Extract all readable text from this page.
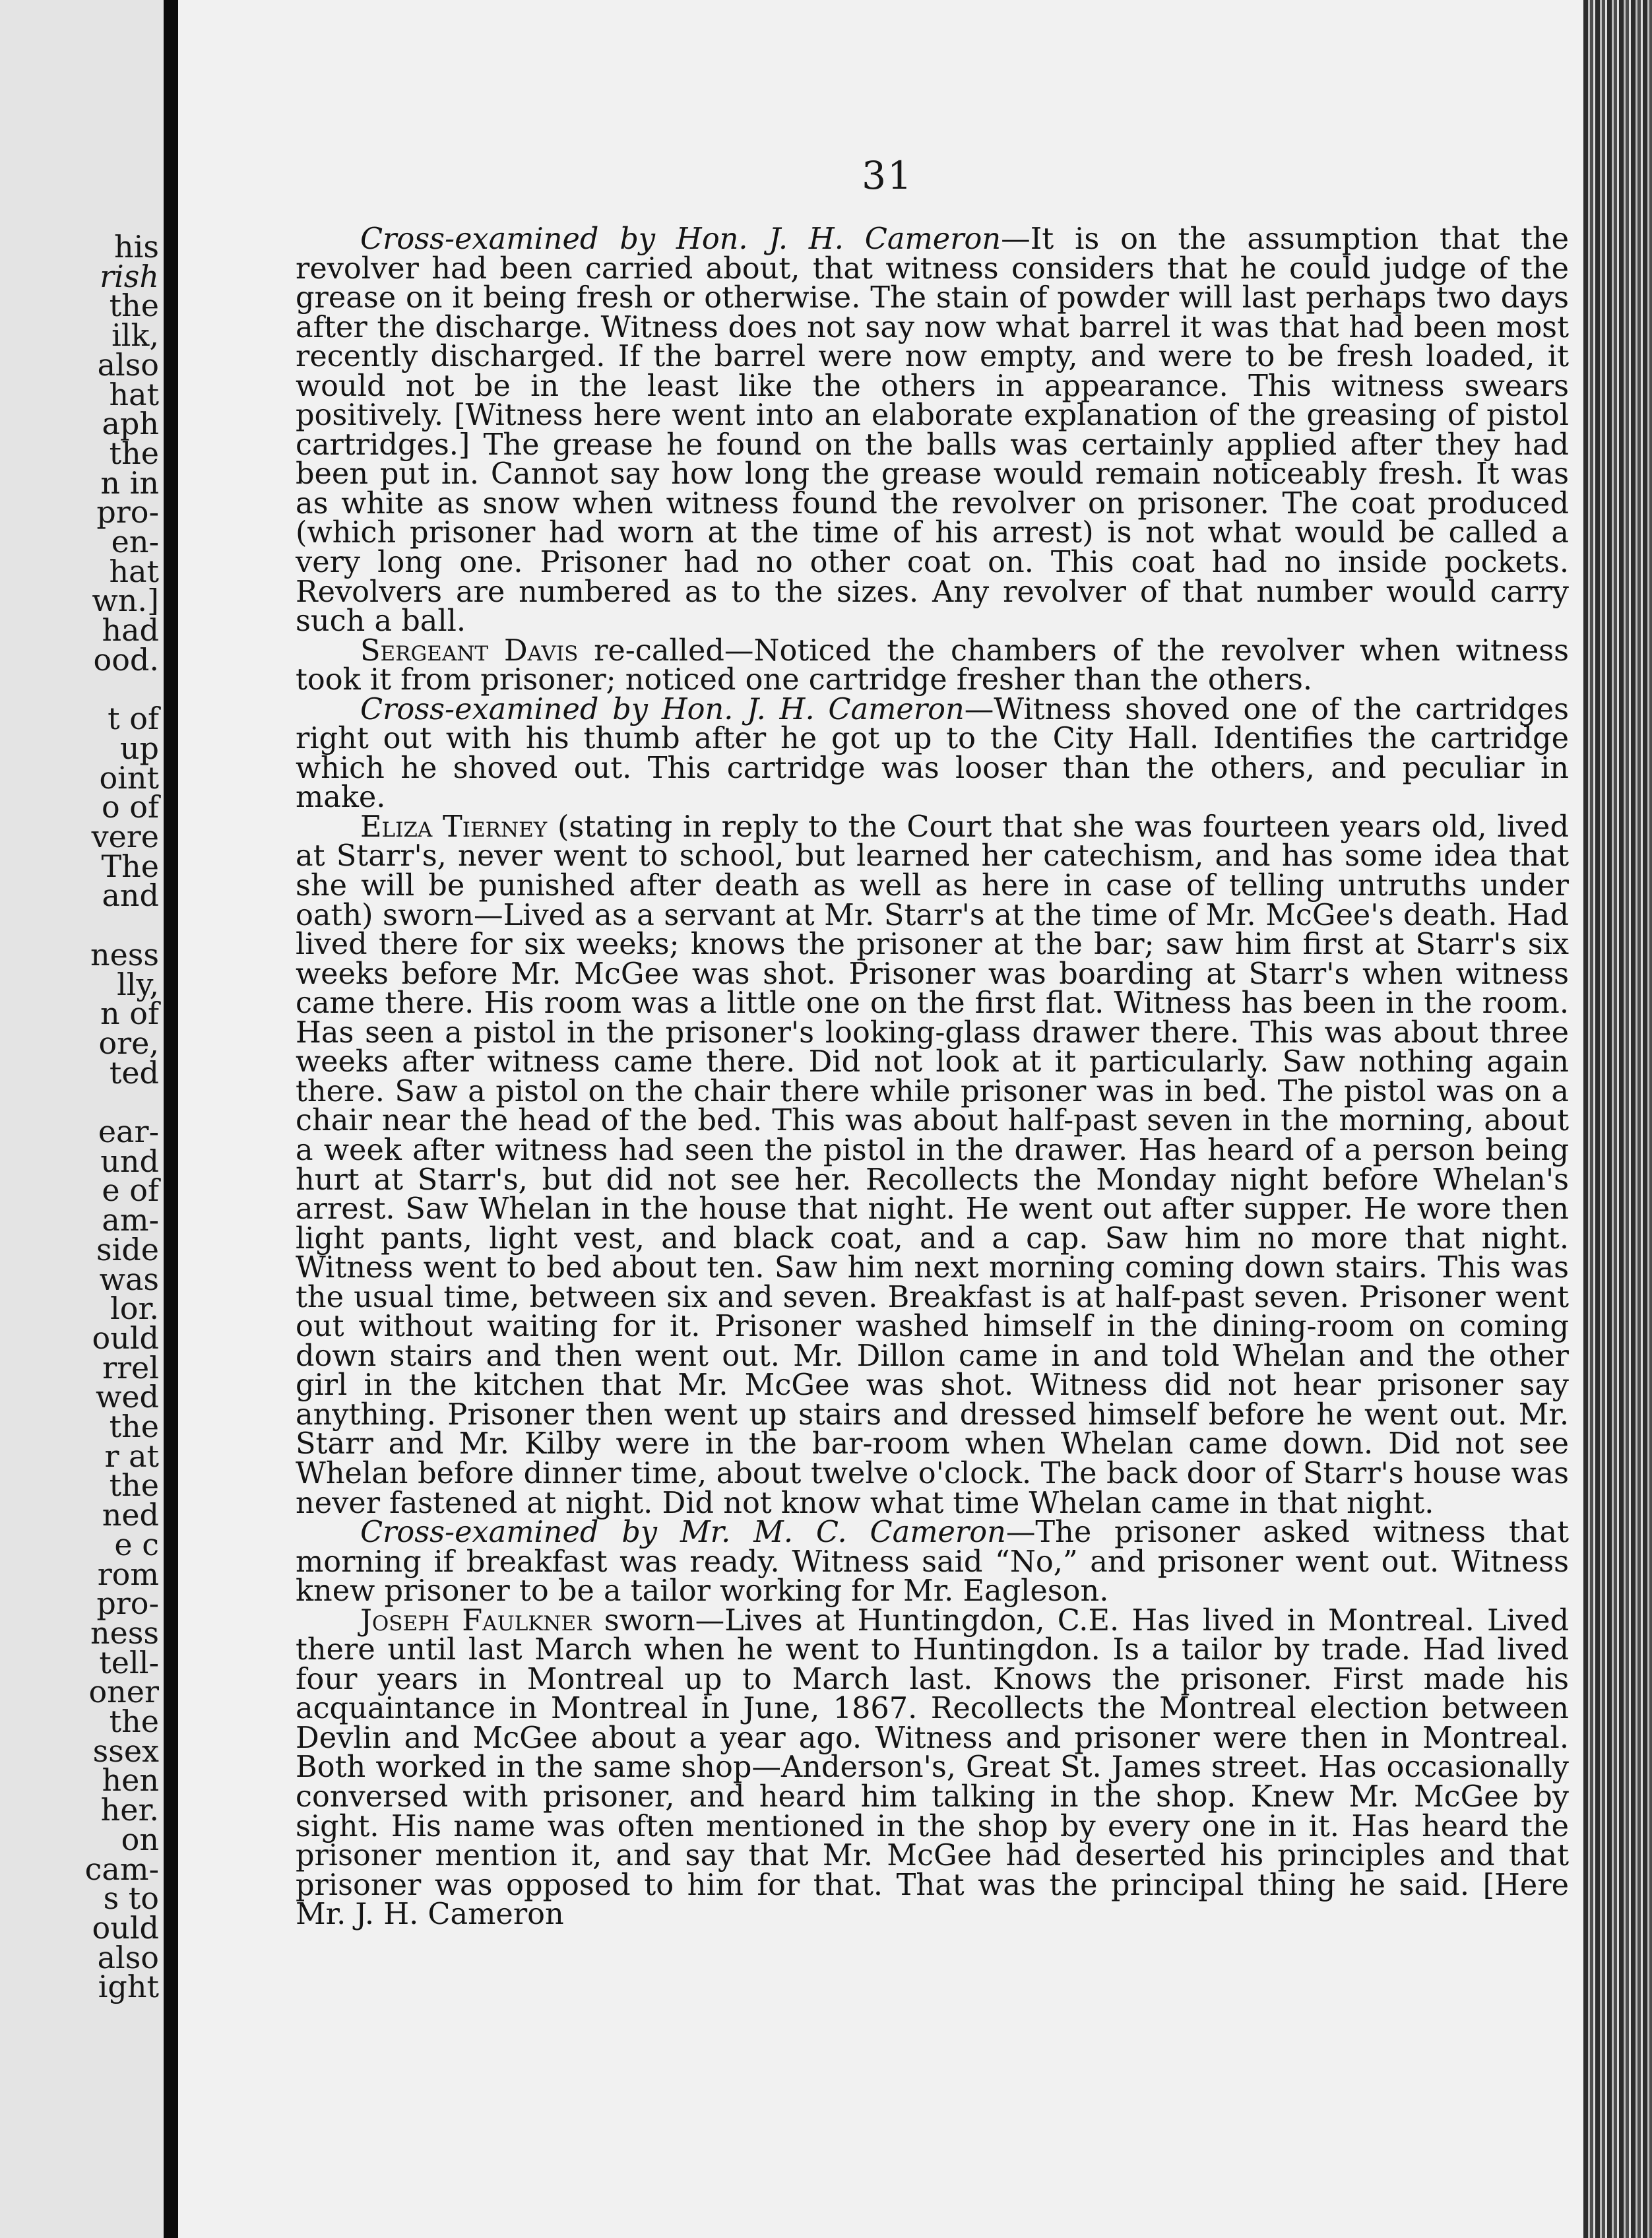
his
rish
the
ilk,
also
hat
aph
the
n in
pro-
en-
hat
wn.]
had
ood.
t of
up
oint
o of
vere
The
and
ness
lly,
n of
ore,
ted
ear-
und
e of
am-
side
was
lor.
ould
rrel
wed
the
r at
the
ned
e c
rom
pro-
ness
tell-
oner
the
ssex
hen
her.
on
cam-
s to
ould
also
ight
31

Cross-examined by Hon. J. H. Cameron—It is on the assumption that the revolver had been carried about, that witness considers that he could judge of the grease on it being fresh or otherwise. The stain of powder will last perhaps two days after the discharge. Witness does not say now what barrel it was that had been most recently discharged. If the barrel were now empty, and were to be fresh loaded, it would not be in the least like the others in appearance. This witness swears positively. [Witness here went into an elaborate explanation of the greasing of pistol cartridges.] The grease he found on the balls was certainly applied after they had been put in. Cannot say how long the grease would remain noticeably fresh. It was as white as snow when witness found the revolver on prisoner. The coat produced (which prisoner had worn at the time of his arrest) is not what would be called a very long one. Prisoner had no other coat on. This coat had no inside pockets. Revolvers are numbered as to the sizes. Any revolver of that number would carry such a ball.

Sergeant Davis re-called—Noticed the chambers of the revolver when witness took it from prisoner; noticed one cartridge fresher than the others.

Cross-examined by Hon. J. H. Cameron—Witness shoved one of the cartridges right out with his thumb after he got up to the City Hall. Identifies the cartridge which he shoved out. This cartridge was looser than the others, and peculiar in make.

Eliza Tierney (stating in reply to the Court that she was fourteen years old, lived at Starr's, never went to school, but learned her catechism, and has some idea that she will be punished after death as well as here in case of telling untruths under oath) sworn—Lived as a servant at Mr. Starr's at the time of Mr. McGee's death. Had lived there for six weeks; knows the prisoner at the bar; saw him first at Starr's six weeks before Mr. McGee was shot. Prisoner was boarding at Starr's when witness came there. His room was a little one on the first flat. Witness has been in the room. Has seen a pistol in the prisoner's looking-glass drawer there. This was about three weeks after witness came there. Did not look at it particularly. Saw nothing again there. Saw a pistol on the chair there while prisoner was in bed. The pistol was on a chair near the head of the bed. This was about half-past seven in the morning, about a week after witness had seen the pistol in the drawer. Has heard of a person being hurt at Starr's, but did not see her. Recollects the Monday night before Whelan's arrest. Saw Whelan in the house that night. He went out after supper. He wore then light pants, light vest, and black coat, and a cap. Saw him no more that night. Witness went to bed about ten. Saw him next morning coming down stairs. This was the usual time, between six and seven. Breakfast is at half-past seven. Prisoner went out without waiting for it. Prisoner washed himself in the dining-room on coming down stairs and then went out. Mr. Dillon came in and told Whelan and the other girl in the kitchen that Mr. McGee was shot. Witness did not hear prisoner say anything. Prisoner then went up stairs and dressed himself before he went out. Mr. Starr and Mr. Kilby were in the bar-room when Whelan came down. Did not see Whelan before dinner time, about twelve o'clock. The back door of Starr's house was never fastened at night. Did not know what time Whelan came in that night.

Cross-examined by Mr. M. C. Cameron—The prisoner asked witness that morning if breakfast was ready. Witness said “No,” and prisoner went out. Witness knew prisoner to be a tailor working for Mr. Eagleson.

Joseph Faulkner sworn—Lives at Huntingdon, C.E. Has lived in Montreal. Lived there until last March when he went to Huntingdon. Is a tailor by trade. Had lived four years in Montreal up to March last. Knows the prisoner. First made his acquaintance in Montreal in June, 1867. Recollects the Montreal election between Devlin and McGee about a year ago. Witness and prisoner were then in Montreal. Both worked in the same shop—Anderson's, Great St. James street. Has occasionally conversed with prisoner, and heard him talking in the shop. Knew Mr. McGee by sight. His name was often mentioned in the shop by every one in it. Has heard the prisoner mention it, and say that Mr. McGee had deserted his principles and that prisoner was opposed to him for that. That was the principal thing he said. [Here Mr. J. H. Cameron
